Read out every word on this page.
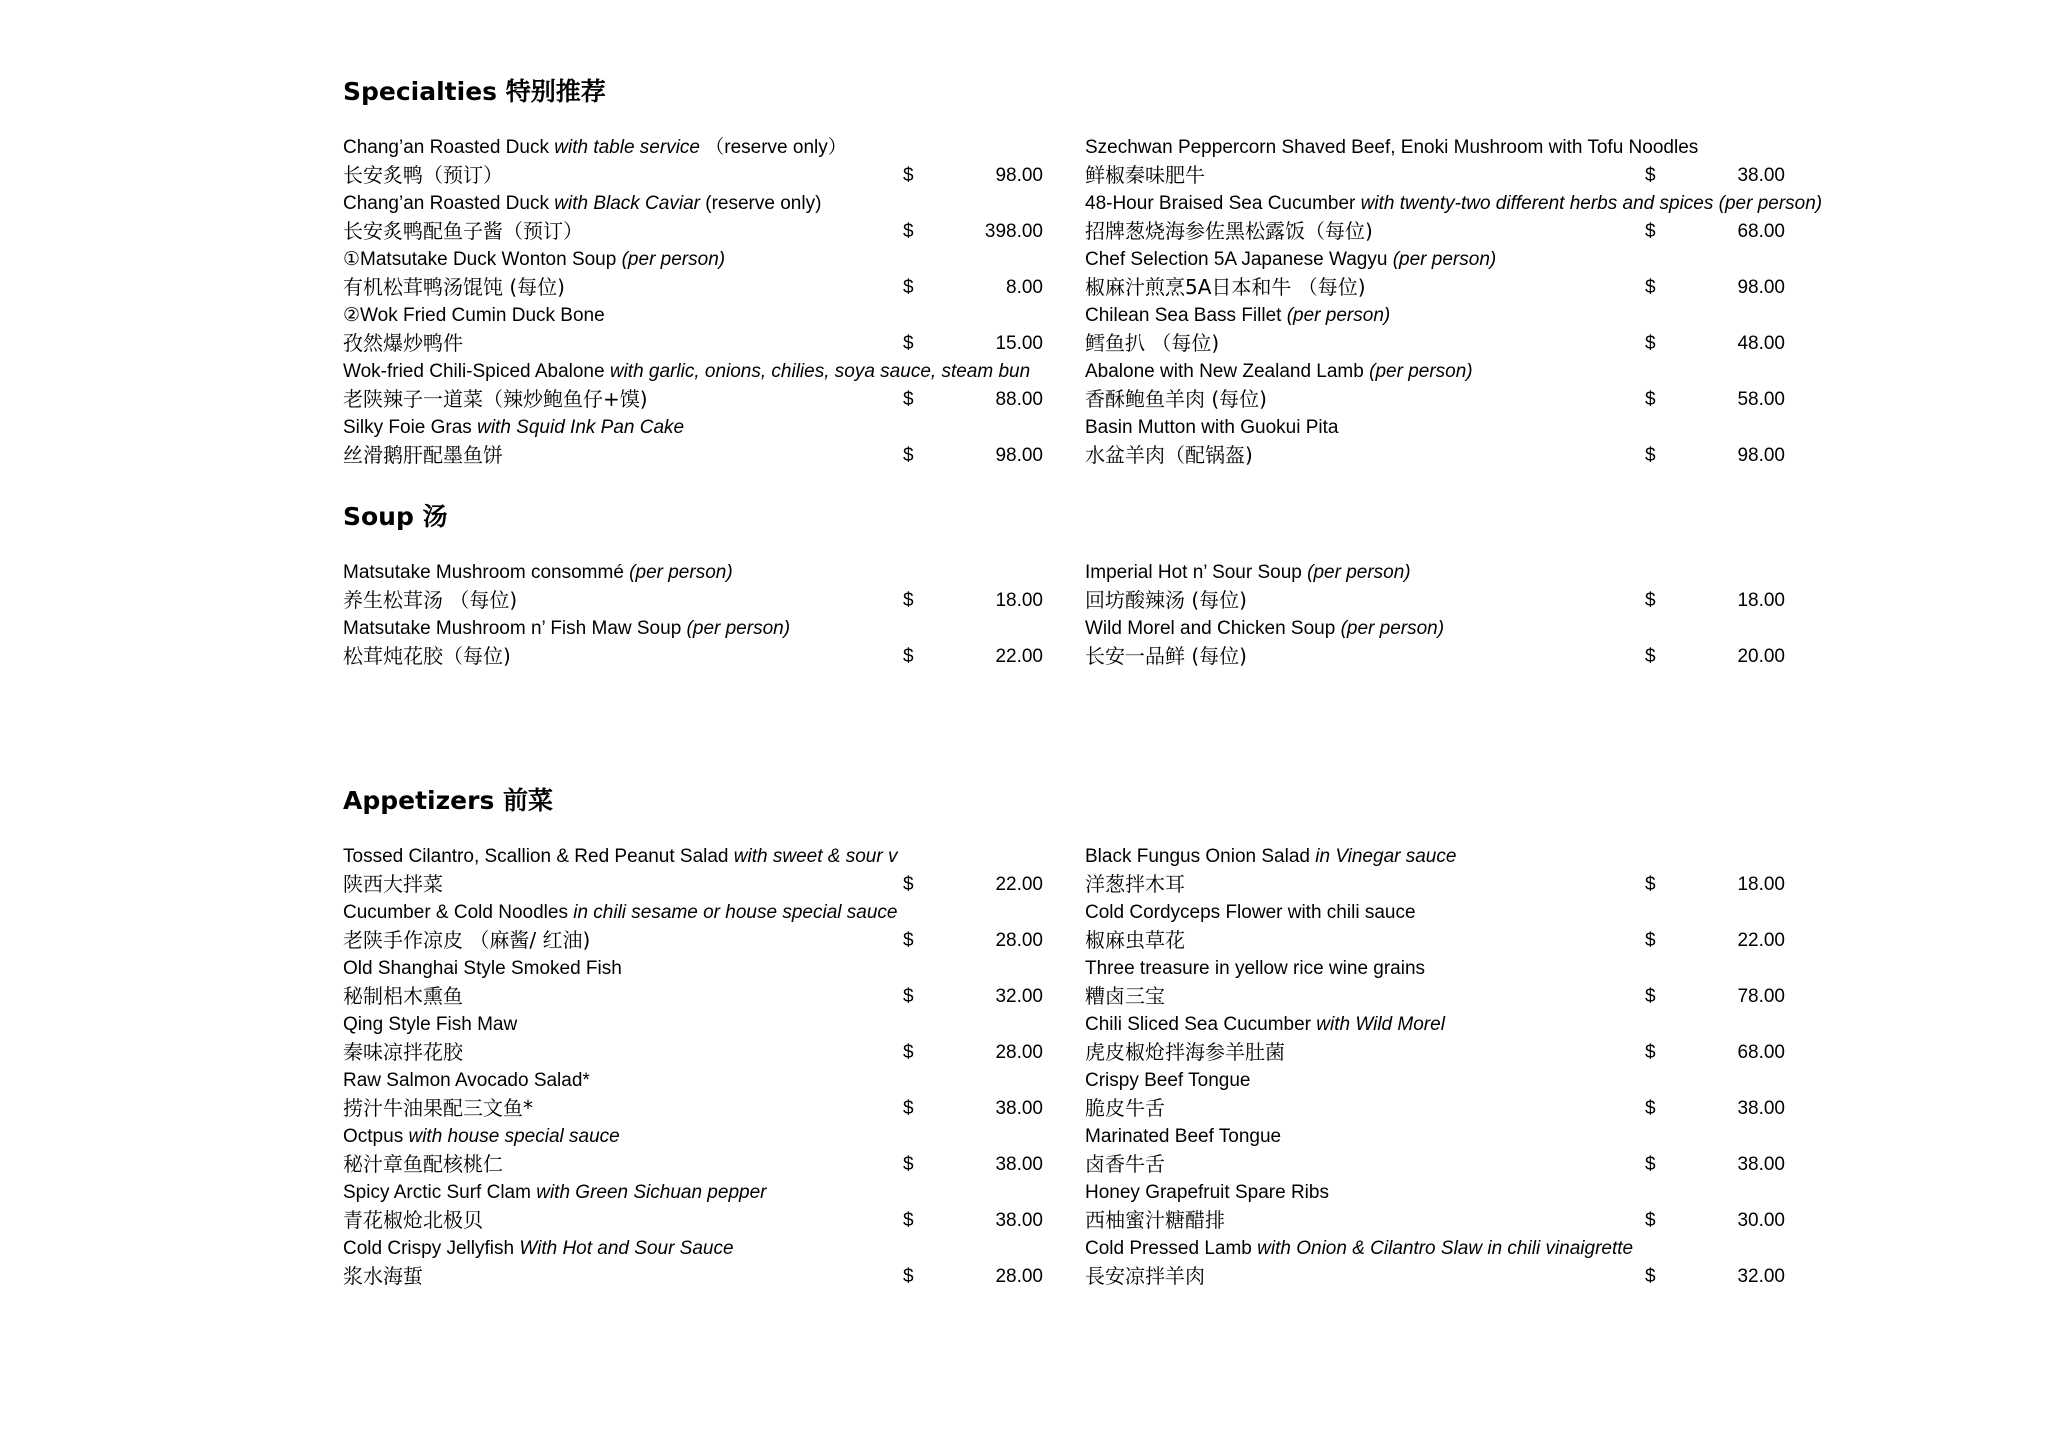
Specialties 特别推荐
Chang’an Roasted Duck with table service （reserve only）
长安炙鸭（预订）	$	98.00
Chang’an Roasted Duck with Black Caviar (reserve only)
长安炙鸭配鱼子酱（预订）	$	398.00
①Matsutake Duck Wonton Soup (per person)
有机松茸鸭汤馄饨 (每位)	$	8.00
②Wok Fried Cumin Duck Bone
孜然爆炒鸭件	$	15.00
Wok-fried Chili-Spiced Abalone with garlic, onions, chilies, soya sauce, steam bun
老陕辣子一道菜（辣炒鲍鱼仔+馍)	$	88.00
Silky Foie Gras with Squid Ink Pan Cake
丝滑鹅肝配墨鱼饼	$	98.00
Szechwan Peppercorn Shaved Beef, Enoki Mushroom with Tofu Noodles
鲜椒秦味肥牛	$	38.00
48-Hour Braised Sea Cucumber with twenty-two different herbs and spices (per person)
招牌葱烧海参佐黑松露饭（每位)	$	68.00
Chef Selection 5A Japanese Wagyu (per person)
椒麻汁煎烹5A日本和牛 （每位)	$	98.00
Chilean Sea Bass Fillet (per person)
鳕鱼扒 （每位)	$	48.00
Abalone with New Zealand Lamb (per person)
香酥鲍鱼羊肉 (每位)	$	58.00
Basin Mutton with Guokui Pita
水盆羊肉（配锅盔)	$	98.00
Soup 汤
Matsutake Mushroom consommé (per person)
养生松茸汤 （每位)	$	18.00
Matsutake Mushroom n’ Fish Maw Soup (per person)
松茸炖花胶（每位)	$	22.00
Imperial Hot n’ Sour Soup (per person)
回坊酸辣汤 (每位)	$	18.00
Wild Morel and Chicken Soup (per person)
长安一品鲜 (每位)	$	20.00
Appetizers 前菜
Tossed Cilantro, Scallion & Red Peanut Salad with sweet & sour v
陕西大拌菜	$	22.00
Cucumber & Cold Noodles in chili sesame or house special sauce
老陕手作凉皮 （麻酱/ 红油)	$	28.00
Old Shanghai Style Smoked Fish
秘制梠木熏鱼	$	32.00
Qing Style Fish Maw
秦味凉拌花胶	$	28.00
Raw Salmon Avocado Salad*
捞汁牛油果配三文鱼*	$	38.00
Octpus with house special sauce
秘汁章鱼配核桃仁	$	38.00
Spicy Arctic Surf Clam with Green Sichuan pepper
青花椒炝北极贝	$	38.00
Cold Crispy Jellyfish With Hot and Sour Sauce
浆水海蜇	$	28.00
Black Fungus Onion Salad in Vinegar sauce
洋葱拌木耳	$	18.00
Cold Cordyceps Flower with chili sauce
椒麻虫草花	$	22.00
Three treasure in yellow rice wine grains
糟卤三宝	$	78.00
Chili Sliced Sea Cucumber with Wild Morel
虎皮椒炝拌海参羊肚菌	$	68.00
Crispy Beef Tongue
脆皮牛舌	$	38.00
Marinated Beef Tongue
卤香牛舌	$	38.00
Honey Grapefruit Spare Ribs
西柚蜜汁糖醋排	$	30.00
Cold Pressed Lamb with Onion & Cilantro Slaw in chili vinaigrette
長安凉拌羊肉	$	32.00
